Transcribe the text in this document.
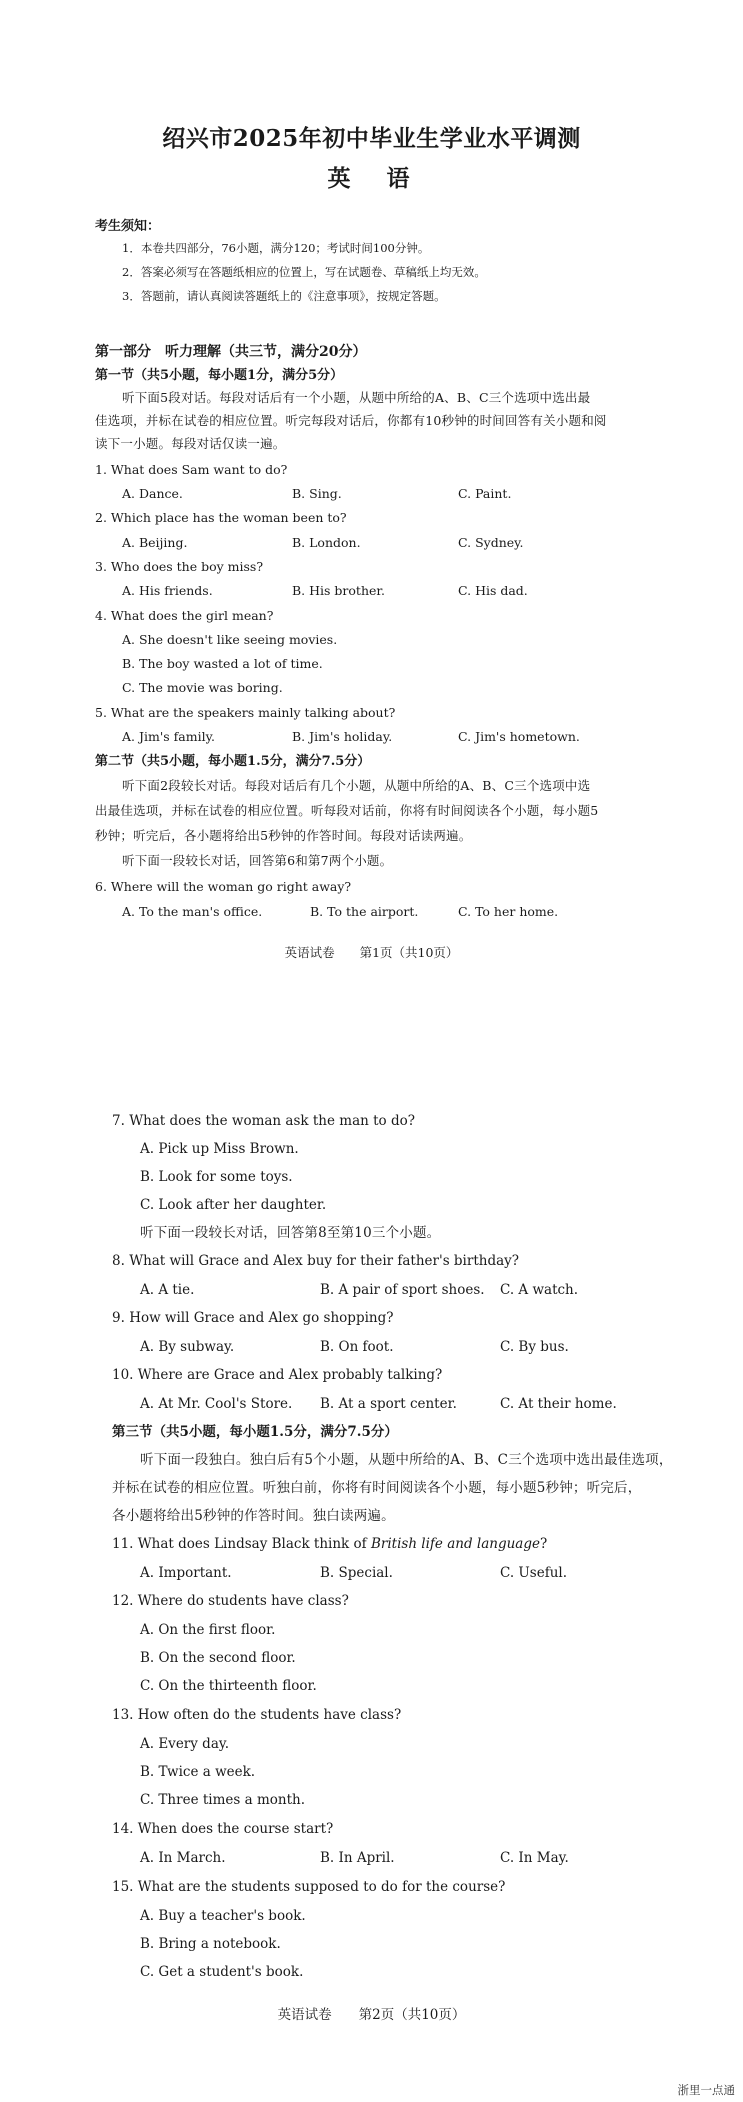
绍兴市2025年初中毕业生学业水平调测
英语
考生须知：
1．本卷共四部分，76小题，满分120；考试时间100分钟。
2．答案必须写在答题纸相应的位置上，写在试题卷、草稿纸上均无效。
3．答题前，请认真阅读答题纸上的《注意事项》，按规定答题。
第一部分　听力理解（共三节，满分20分）
第一节（共5小题，每小题1分，满分5分）
听下面5段对话。每段对话后有一个小题，从题中所给的A、B、C三个选项中选出最
佳选项，并标在试卷的相应位置。听完每段对话后，你都有10秒钟的时间回答有关小题和阅
读下一小题。每段对话仅读一遍。
1. What does Sam want to do?
A. Dance.	B. Sing.	C. Paint.
2. Which place has the woman been to?
A. Beijing.	B. London.	C. Sydney.
3. Who does the boy miss?
A. His friends.	B. His brother.	C. His dad.
4. What does the girl mean?
A. She doesn't like seeing movies.
B. The boy wasted a lot of time.
C. The movie was boring.
5. What are the speakers mainly talking about?
A. Jim's family.	B. Jim's holiday.	C. Jim's hometown.
第二节（共5小题，每小题1.5分，满分7.5分）
听下面2段较长对话。每段对话后有几个小题，从题中所给的A、B、C三个选项中选
出最佳选项，并标在试卷的相应位置。听每段对话前，你将有时间阅读各个小题，每小题5
秒钟；听完后，各小题将给出5秒钟的作答时间。每段对话读两遍。
听下面一段较长对话，回答第6和第7两个小题。
6. Where will the woman go right away?
A. To the man's office.	B. To the airport.	C. To her home.
英语试卷　　第1页（共10页）
7. What does the woman ask the man to do?
A. Pick up Miss Brown.
B. Look for some toys.
C. Look after her daughter.
听下面一段较长对话，回答第8至第10三个小题。
8. What will Grace and Alex buy for their father's birthday?
A. A tie.	B. A pair of sport shoes. C. A watch.
9. How will Grace and Alex go shopping?
A. By subway.	B. On foot.	C. By bus.
10. Where are Grace and Alex probably talking?
A. At Mr. Cool's Store. B. At a sport center.	C. At their home.
第三节（共5小题，每小题1.5分，满分7.5分）
听下面一段独白。独白后有5个小题，从题中所给的A、B、C三个选项中选出最佳选项，
并标在试卷的相应位置。听独白前，你将有时间阅读各个小题，每小题5秒钟；听完后，
各小题将给出5秒钟的作答时间。独白读两遍。
11. What does Lindsay Black think of British life and language?
A. Important.	B. Special.	C. Useful.
12. Where do students have class?
A. On the first floor.
B. On the second floor.
C. On the thirteenth floor.
13. How often do the students have class?
A. Every day.
B. Twice a week.
C. Three times a month.
14. When does the course start?
A. In March.	B. In April.	C. In May.
15. What are the students supposed to do for the course?
A. Buy a teacher's book.
B. Bring a notebook.
C. Get a student's book.
英语试卷　　第2页（共10页）
浙里一点通
